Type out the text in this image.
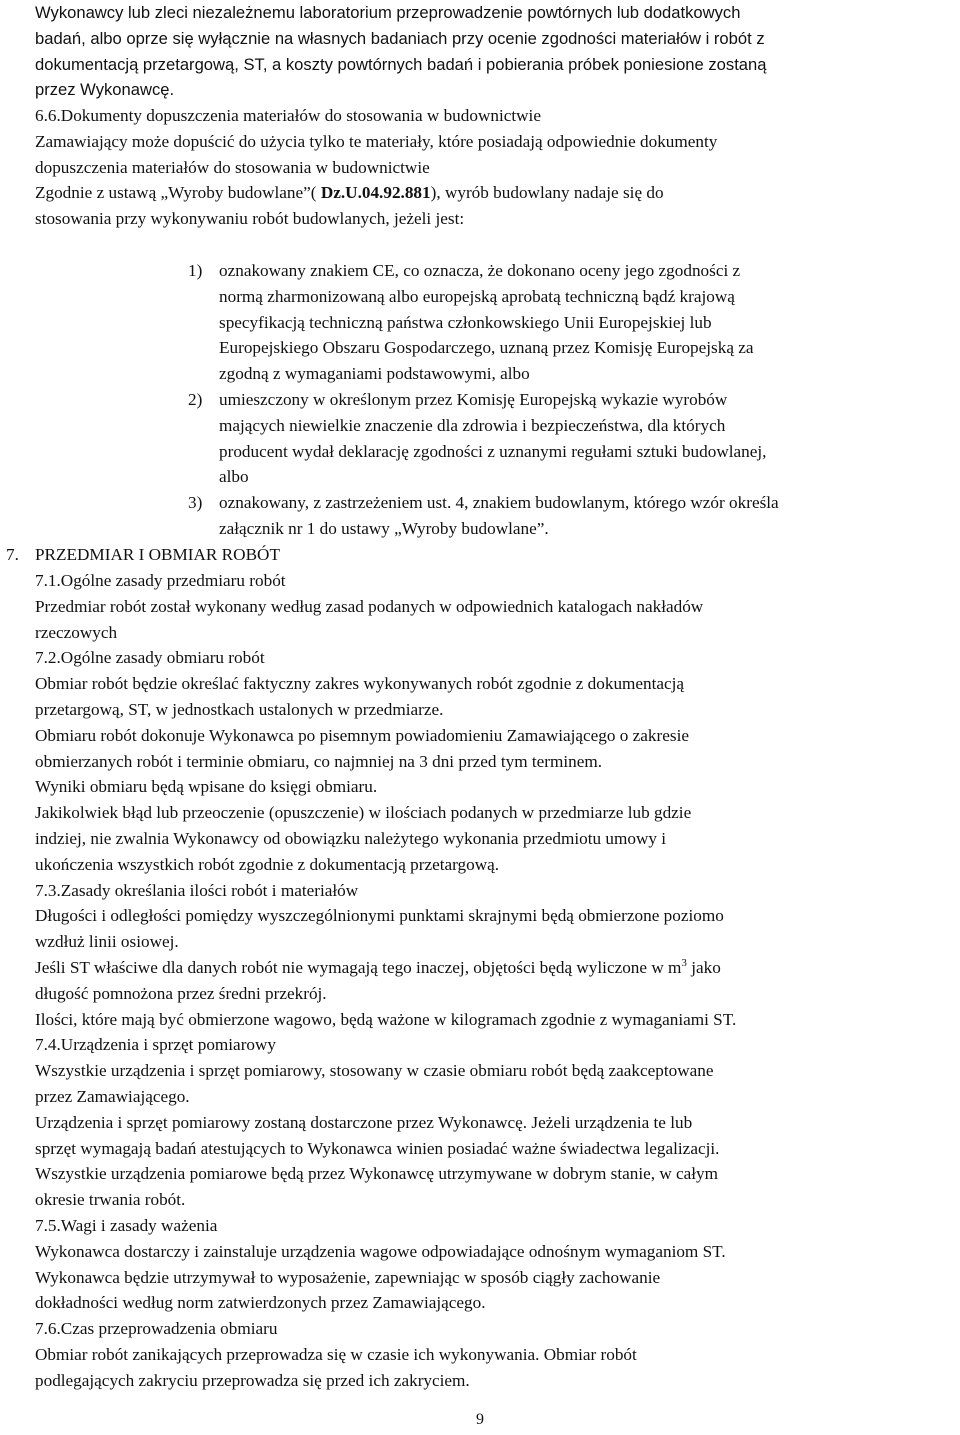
Wykonawcy lub zleci niezależnemu laboratorium przeprowadzenie powtórnych lub dodatkowych
badań, albo oprze się wyłącznie na własnych badaniach przy ocenie zgodności materiałów i robót z
dokumentacją przetargową, ST, a koszty powtórnych badań i pobierania próbek poniesione zostaną
przez Wykonawcę.
6.6.Dokumenty dopuszczenia materiałów do stosowania w budownictwie
Zamawiający może dopuścić do użycia tylko te materiały, które posiadają odpowiednie dokumenty
dopuszczenia materiałów do stosowania w budownictwie
Zgodnie z ustawą „Wyroby budowlane”( Dz.U.04.92.881), wyrób budowlany nadaje się do
stosowania przy wykonywaniu robót budowlanych, jeżeli jest:
1) oznakowany znakiem CE, co oznacza, że dokonano oceny jego zgodności z
normą zharmonizowaną albo europejską aprobatą techniczną bądź krajową
specyfikacją techniczną państwa członkowskiego Unii Europejskiej lub
Europejskiego Obszaru Gospodarczego, uznaną przez Komisję Europejską za
zgodną z wymaganiami podstawowymi, albo
2) umieszczony w określonym przez Komisję Europejską wykazie wyrobów
mających niewielkie znaczenie dla zdrowia i bezpieczeństwa, dla których
producent wydał deklarację zgodności z uznanymi regułami sztuki budowlanej,
albo
3) oznakowany, z zastrzeżeniem ust. 4, znakiem budowlanym, którego wzór określa
załącznik nr 1 do ustawy „Wyroby budowlane”.
7. PRZEDMIAR I OBMIAR ROBÓT
7.1.Ogólne zasady przedmiaru robót
Przedmiar robót został wykonany według zasad podanych w odpowiednich katalogach nakładów
rzeczowych
7.2.Ogólne zasady obmiaru robót
Obmiar robót będzie określać faktyczny zakres wykonywanych robót zgodnie z dokumentacją
przetargową, ST, w jednostkach ustalonych w przedmiarze.
Obmiaru robót dokonuje Wykonawca po pisemnym powiadomieniu Zamawiającego o zakresie
obmierzanych robót i terminie obmiaru, co najmniej na 3 dni przed tym terminem.
Wyniki obmiaru będą wpisane do księgi obmiaru.
Jakikolwiek błąd lub przeoczenie (opuszczenie) w ilościach podanych w przedmiarze lub gdzie
indziej, nie zwalnia Wykonawcy od obowiązku należytego wykonania przedmiotu umowy i
ukończenia wszystkich robót zgodnie z dokumentacją przetargową.
7.3.Zasady określania ilości robót i materiałów
Długości i odległości pomiędzy wyszczególnionymi punktami skrajnymi będą obmierzone poziomo
wzdłuż linii osiowej.
Jeśli ST właściwe dla danych robót nie wymagają tego inaczej, objętości będą wyliczone w $m^3$ jako
długość pomnożona przez średni przekrój.
Ilości, które mają być obmierzone wagowo, będą ważone w kilogramach zgodnie z wymaganiami ST.
7.4.Urządzenia i sprzęt pomiarowy
Wszystkie urządzenia i sprzęt pomiarowy, stosowany w czasie obmiaru robót będą zaakceptowane
przez Zamawiającego.
Urządzenia i sprzęt pomiarowy zostaną dostarczone przez Wykonawcę. Jeżeli urządzenia te lub
sprzęt wymagają badań atestujących to Wykonawca winien posiadać ważne świadectwa legalizacji.
Wszystkie urządzenia pomiarowe będą przez Wykonawcę utrzymywane w dobrym stanie, w całym
okresie trwania robót.
7.5.Wagi i zasady ważenia
Wykonawca dostarczy i zainstaluje urządzenia wagowe odpowiadające odnośnym wymaganiom ST.
Wykonawca będzie utrzymywał to wyposażenie, zapewniając w sposób ciągły zachowanie
dokładności według norm zatwierdzonych przez Zamawiającego.
7.6.Czas przeprowadzenia obmiaru
Obmiar robót zanikających przeprowadza się w czasie ich wykonywania. Obmiar robót
podlegających zakryciu przeprowadza się przed ich zakryciem.
9
